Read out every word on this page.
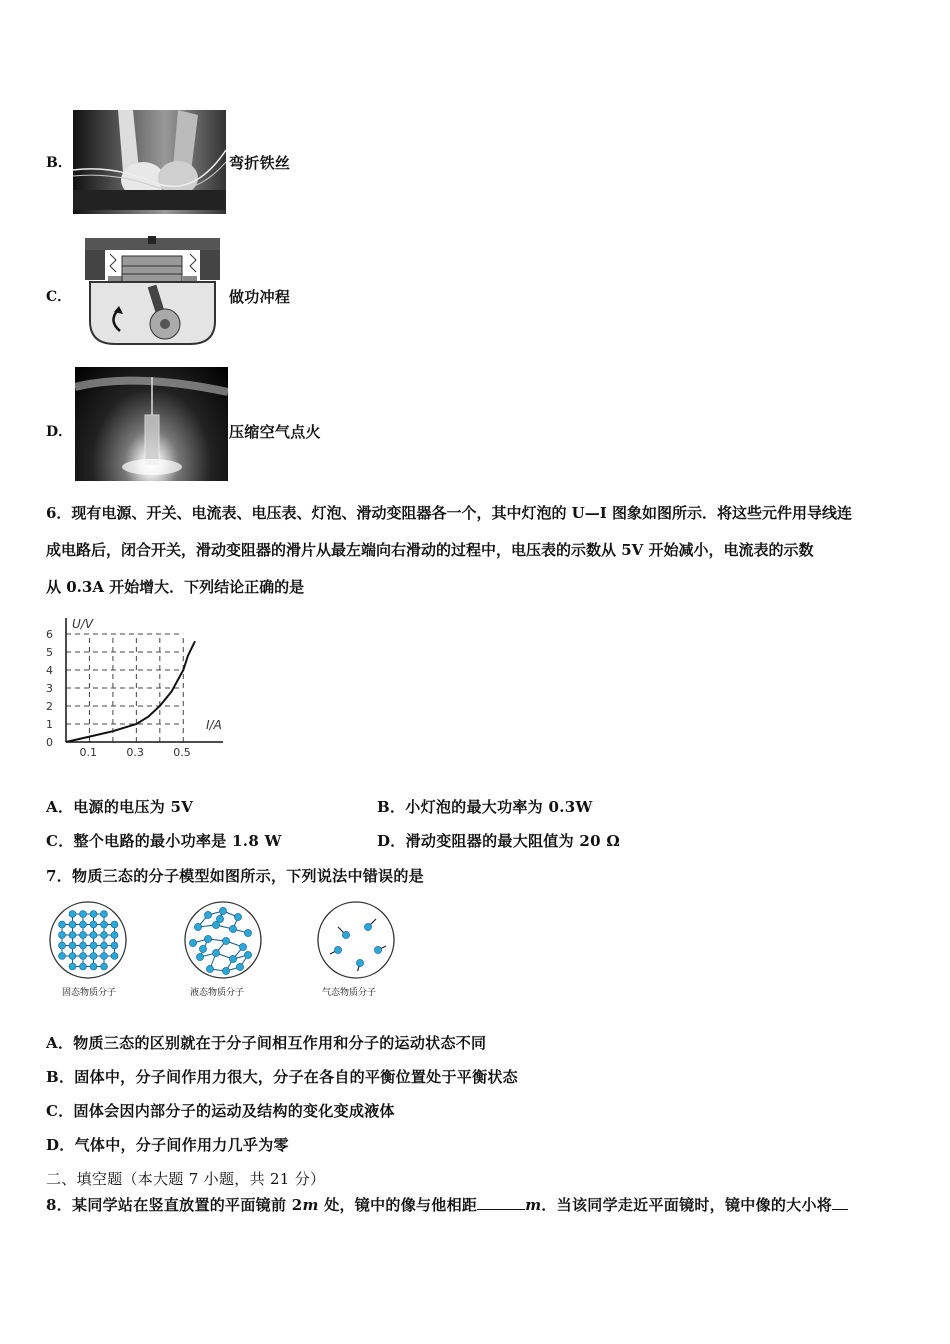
B．	弯折铁丝
C．	做功冲程
D．	压缩空气点火
6．现有电源、开关、电流表、电压表、灯泡、滑动变阻器各一个，其中灯泡的 U—I 图象如图所示．将这些元件用导线连
成电路后，闭合开关，滑动变阻器的滑片从最左端向右滑动的过程中，电压表的示数从 5V 开始减小，电流表的示数
从 0.3A 开始增大．下列结论正确的是
0
1
2
3
4
5
6
0.1	0.3	0.5
U/V
I/A
A．电源的电压为 5V	B．小灯泡的最大功率为 0.3W
C．整个电路的最小功率是 1.8 W	D．滑动变阻器的最大阻值为 20 Ω
7．物质三态的分子模型如图所示，下列说法中错误的是
固态物质分子	液态物质分子	气态物质分子
A．物质三态的区别就在于分子间相互作用和分子的运动状态不同
B．固体中，分子间作用力很大，分子在各自的平衡位置处于平衡状态
C．固体会因内部分子的运动及结构的变化变成液体
D．气体中，分子间作用力几乎为零
二、填空题（本大题 7 小题，共 21 分）
8．某同学站在竖直放置的平面镜前 2m 处，镜中的像与他相距	m．当该同学走近平面镜时，镜中像的大小将
